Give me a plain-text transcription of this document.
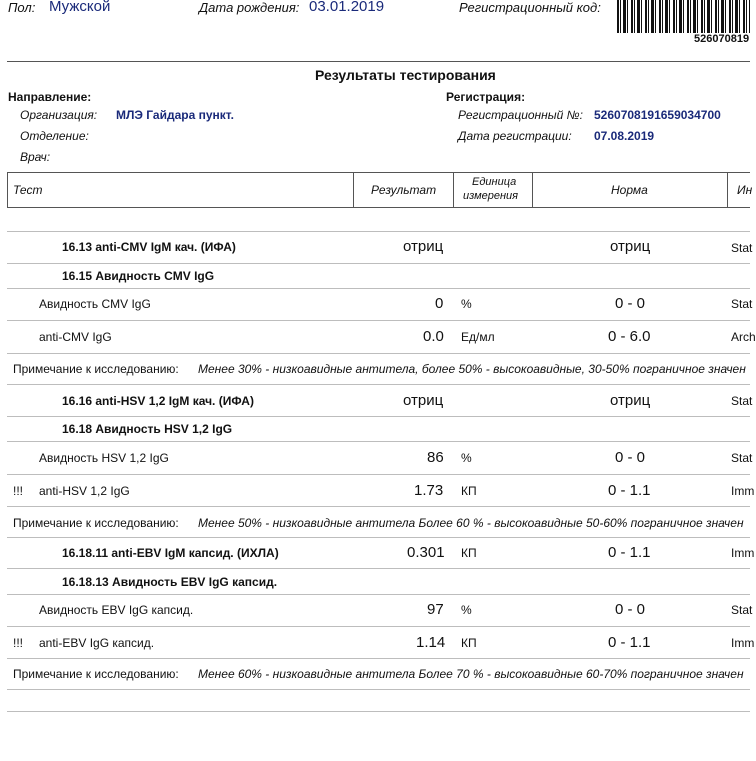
Пол: Мужской	Дата рождения: 03.01.2019	Регистрационный код:
526070819
Результаты тестирования
Направление:
Организация: МЛЭ Гайдара пункт.
Отделение:
Врач:
Регистрация:
Регистрационный №: 5260708191659034700
Дата регистрации: 07.08.2019
Тест	Результат
Единица
измерения	Норма	Ин
16.13 anti-CMV IgM кач. (ИФА)	отриц	отриц	Stat
16.15 Авидность CMV IgG
Авидность CMV IgG	0 %	0 - 0	Stat
anti-CMV IgG	0.0 Ед/мл	0 - 6.0	Arch
Примечание к исследованию: Менее 30% - низкоавидные антитела, более 50% - высокоавидные, 30-50% пограничное значен
16.16 anti-HSV 1,2 IgM кач. (ИФА)	отриц	отриц	Stat
16.18 Авидность HSV 1,2 IgG
Авидность HSV 1,2 IgG	86 %	0 - 0	Stat
!!! anti-HSV 1,2 IgG	1.73 КП	0 - 1.1	Imm
Примечание к исследованию: Менее 50% - низкоавидные антитела Более 60 % - высокоавидные 50-60% пограничное значен
16.18.11 anti-EBV IgM капсид. (ИХЛА)	0.301 КП	0 - 1.1	Imm
16.18.13 Авидность EBV IgG капсид.
Авидность EBV IgG капсид.	97 %	0 - 0	Stat
!!! anti-EBV IgG капсид.	1.14 КП	0 - 1.1	Imm
Примечание к исследованию: Менее 60% - низкоавидные антитела Более 70 % - высокоавидные 60-70% пограничное значен
